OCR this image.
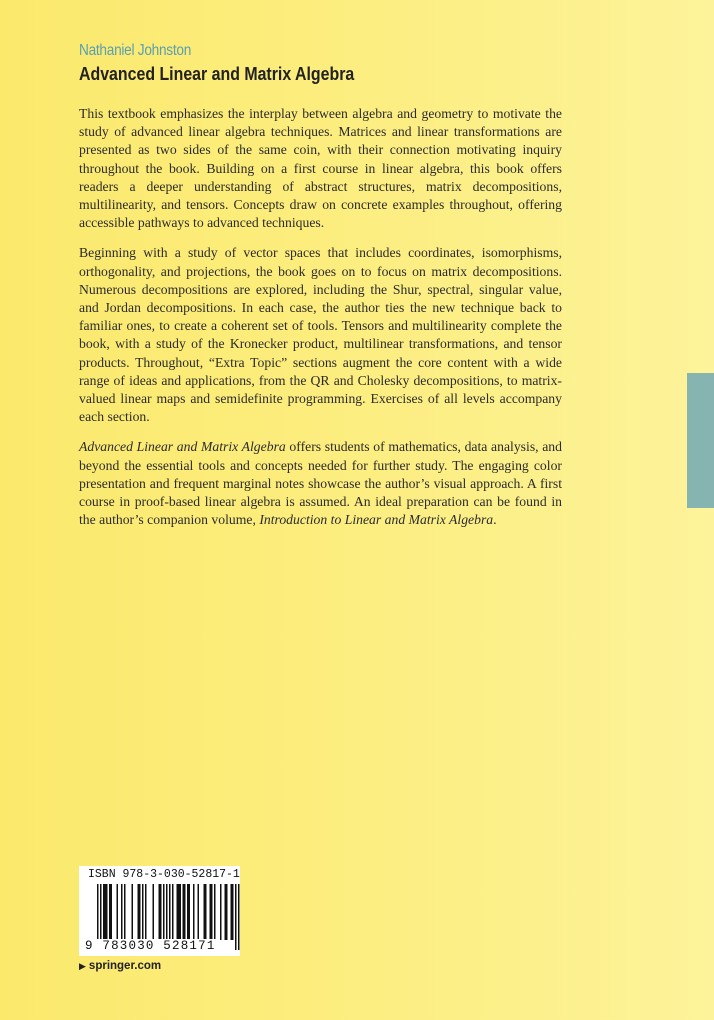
Nathaniel Johnston
Advanced Linear and Matrix Algebra

This textbook emphasizes the interplay between algebra and geometry to motivate the study of advanced linear algebra techniques. Matrices and linear transformations are presented as two sides of the same coin, with their connection motivating inquiry throughout the book. Building on a first course in linear algebra, this book offers readers a deeper understanding of abstract structures, matrix decompositions, multilinearity, and tensors. Concepts draw on concrete examples throughout, offering accessible pathways to advanced techniques.

Beginning with a study of vector spaces that includes coordinates, isomorphisms, orthogonality, and projections, the book goes on to focus on matrix decompositions. Numerous decompositions are explored, including the Shur, spectral, singular value, and Jordan decompositions. In each case, the author ties the new technique back to familiar ones, to create a coherent set of tools. Tensors and multilinearity complete the book, with a study of the Kronecker product, multilinear transformations, and tensor products. Throughout, “Extra Topic” sections augment the core content with a wide range of ideas and applications, from the QR and Cholesky decompositions, to matrix-valued linear maps and semidefinite programming. Exercises of all levels accompany each section.

Advanced Linear and Matrix Algebra offers students of mathematics, data analysis, and beyond the essential tools and concepts needed for further study. The engaging color presentation and frequent marginal notes showcase the author’s visual approach. A first course in proof-based linear algebra is assumed. An ideal preparation can be found in the author’s companion volume, Introduction to Linear and Matrix Algebra.

ISBN 978-3-030-52817-1
9 783030 528171
▶ springer.com
